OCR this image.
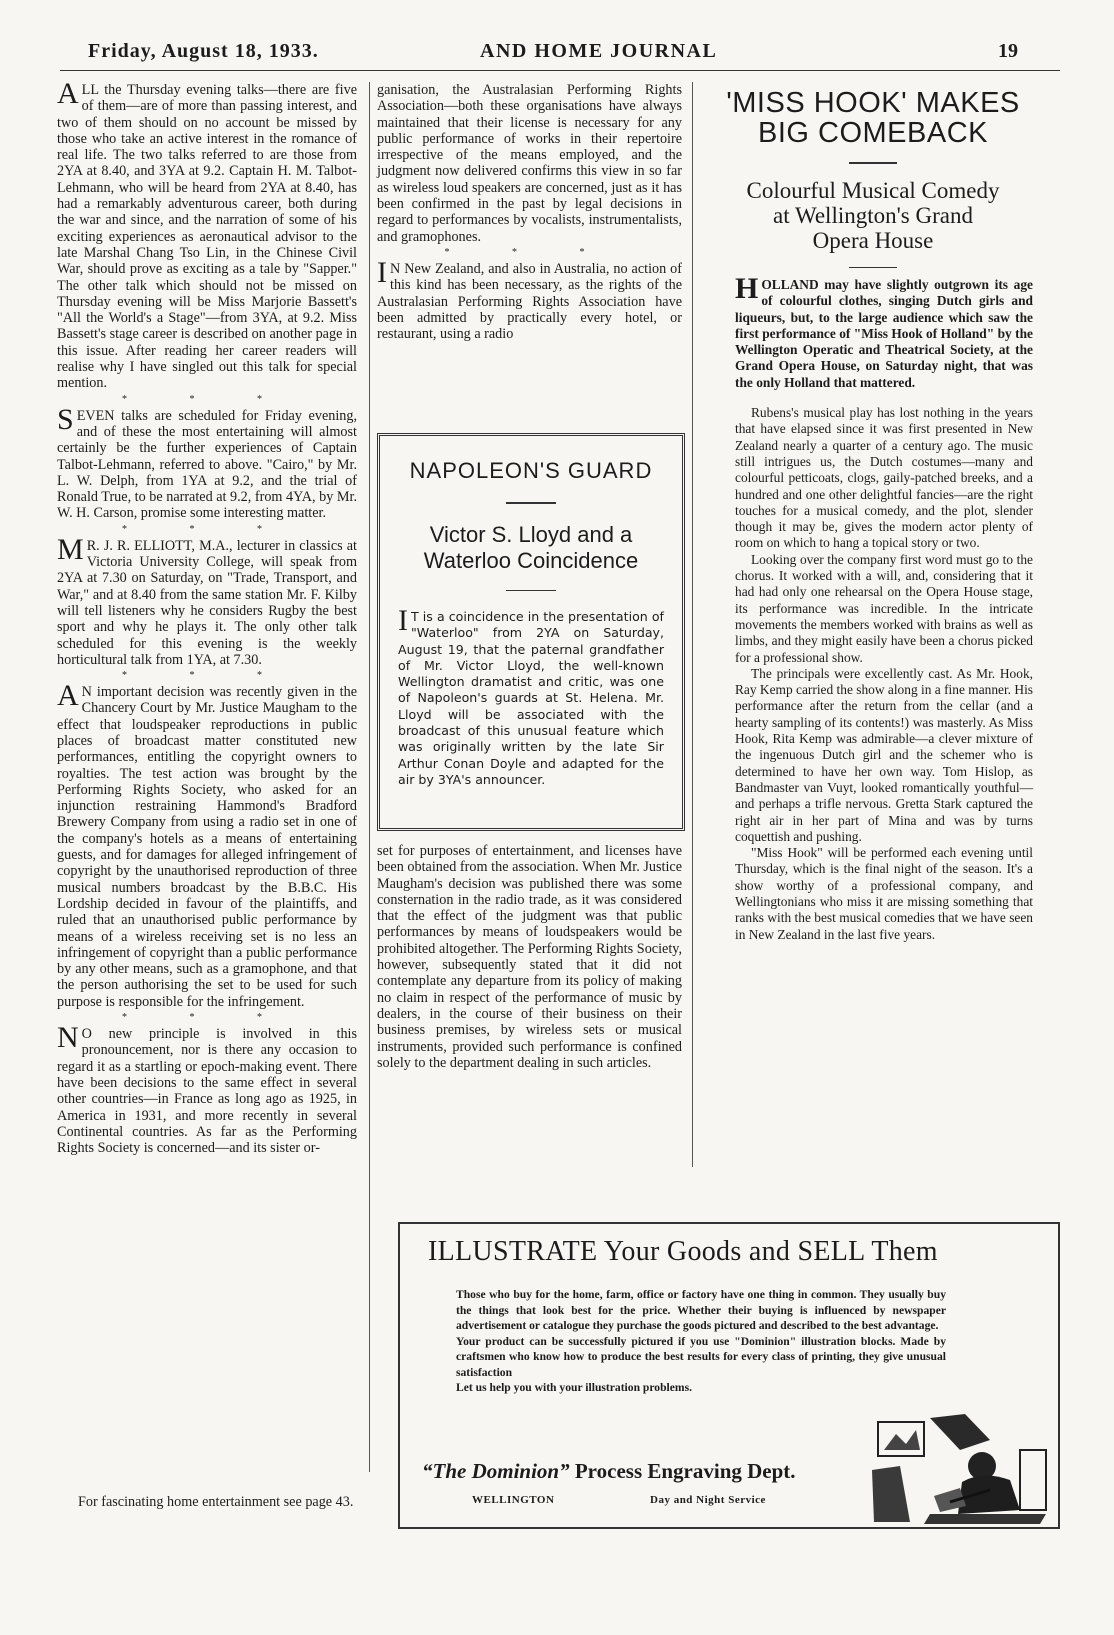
Friday, August 18, 1933.	AND HOME JOURNAL	19

ALL the Thursday evening talks—there are five of them—are of more than passing interest, and two of them should on no account be missed by those who take an active interest in the romance of real life. The two talks referred to are those from 2YA at 8.40, and 3YA at 9.2. Captain H. M. Talbot-Lehmann, who will be heard from 2YA at 8.40, has had a remarkably adventurous career, both during the war and since, and the narration of some of his exciting experiences as aeronautical advisor to the late Marshal Chang Tso Lin, in the Chinese Civil War, should prove as exciting as a tale by "Sapper." The other talk which should not be missed on Thursday evening will be Miss Marjorie Bassett's "All the World's a Stage"—from 3YA, at 9.2. Miss Bassett's stage career is described on another page in this issue. After reading her career readers will realise why I have singled out this talk for special mention.

* * *

SEVEN talks are scheduled for Friday evening, and of these the most entertaining will almost certainly be the further experiences of Captain Talbot-Lehmann, referred to above. "Cairo," by Mr. L. W. Delph, from 1YA at 9.2, and the trial of Ronald True, to be narrated at 9.2, from 4YA, by Mr. W. H. Carson, promise some interesting matter.

* * *

M R. J. R. ELLIOTT, M.A., lecturer in classics at Victoria University College, will speak from 2YA at 7.30 on Saturday, on "Trade, Transport, and War," and at 8.40 from the same station Mr. F. Kilby will tell listeners why he considers Rugby the best sport and why he plays it. The only other talk scheduled for this evening is the weekly horticultural talk from 1YA, at 7.30.

* * *

A N important decision was recently given in the Chancery Court by Mr. Justice Maugham to the effect that loudspeaker reproductions in public places of broadcast matter constituted new performances, entitling the copyright owners to royalties. The test action was brought by the Performing Rights Society, who asked for an injunction restraining Hammond's Bradford Brewery Company from using a radio set in one of the company's hotels as a means of entertaining guests, and for damages for alleged infringement of copyright by the unauthorised reproduction of three musical numbers broadcast by the B.B.C. His Lordship decided in favour of the plaintiffs, and ruled that an unauthorised public performance by means of a wireless receiving set is no less an infringement of copyright than a public performance by any other means, such as a gramophone, and that the person authorising the set to be used for such purpose is responsible for the infringement.

* * *

N O new principle is involved in this pronouncement, nor is there any occasion to regard it as a startling or epoch-making event. There have been decisions to the same effect in several other countries—in France as long ago as 1925, in America in 1931, and more recently in several Continental countries. As far as the Performing Rights Society is concerned—and its sister or-

For fascinating home entertainment see page 43.

ganisation, the Australasian Performing Rights Association—both these organisations have always maintained that their license is necessary for any public performance of works in their repertoire irrespective of the means employed, and the judgment now delivered confirms this view in so far as wireless loud speakers are concerned, just as it has been confirmed in the past by legal decisions in regard to performances by vocalists, instrumentalists, and gramophones.

* * *

I N New Zealand, and also in Australia, no action of this kind has been necessary, as the rights of the Australasian Performing Rights Association have been admitted by practically every hotel, or restaurant, using a radio

NAPOLEON'S GUARD
Victor S. Lloyd and a
Waterloo Coincidence
I T is a coincidence in the presentation of "Waterloo" from 2YA on Saturday, August 19, that the paternal grandfather of Mr. Victor Lloyd, the well-known Wellington dramatist and critic, was one of Napoleon's guards at St. Helena. Mr. Lloyd will be associated with the broadcast of this unusual feature which was originally written by the late Sir Arthur Conan Doyle and adapted for the air by 3YA's announcer.

set for purposes of entertainment, and licenses have been obtained from the association. When Mr. Justice Maugham's decision was published there was some consternation in the radio trade, as it was considered that the effect of the judgment was that public performances by means of loudspeakers would be prohibited altogether. The Performing Rights Society, however, subsequently stated that it did not contemplate any departure from its policy of making no claim in respect of the performance of music by dealers, in the course of their business on their business premises, by wireless sets or musical instruments, provided such performance is confined solely to the department dealing in such articles.

'MISS HOOK' MAKES
BIG COMEBACK
Colourful Musical Comedy
at Wellington's Grand
Opera House

HOLLAND may have slightly outgrown its age of colourful clothes, singing Dutch girls and liqueurs, but, to the large audience which saw the first performance of "Miss Hook of Holland" by the Wellington Operatic and Theatrical Society, at the Grand Opera House, on Saturday night, that was the only Holland that mattered.

Rubens's musical play has lost nothing in the years that have elapsed since it was first presented in New Zealand nearly a quarter of a century ago. The music still intrigues us, the Dutch costumes—many and colourful petticoats, clogs, gaily-patched breeks, and a hundred and one other delightful fancies—are the right touches for a musical comedy, and the plot, slender though it may be, gives the modern actor plenty of room on which to hang a topical story or two.

Looking over the company first word must go to the chorus. It worked with a will, and, considering that it had had only one rehearsal on the Opera House stage, its performance was incredible. In the intricate movements the members worked with brains as well as limbs, and they might easily have been a chorus picked for a professional show.

The principals were excellently cast. As Mr. Hook, Ray Kemp carried the show along in a fine manner. His performance after the return from the cellar (and a hearty sampling of its contents!) was masterly. As Miss Hook, Rita Kemp was admirable—a clever mixture of the ingenuous Dutch girl and the schemer who is determined to have her own way. Tom Hislop, as Bandmaster van Vuyt, looked romantically youthful—and perhaps a trifle nervous. Gretta Stark captured the right air in her part of Mina and was by turns coquettish and pushing.

"Miss Hook" will be performed each evening until Thursday, which is the final night of the season. It's a show worthy of a professional company, and Wellingtonians who miss it are missing something that ranks with the best musical comedies that we have seen in New Zealand in the last five years.

ILLUSTRATE Your Goods and SELL Them

Those who buy for the home, farm, office or factory have one thing in common. They usually buy the things that look best for the price. Whether their buying is influenced by newspaper advertisement or catalogue they purchase the goods pictured and described to the best advantage.

Your product can be successfully pictured if you use "Dominion" illustration blocks. Made by craftsmen who know how to produce the best results for every class of printing, they give unusual satisfaction

Let us help you with your illustration problems.

“The Dominion” Process Engraving Dept.
WELLINGTON	Day and Night Service
